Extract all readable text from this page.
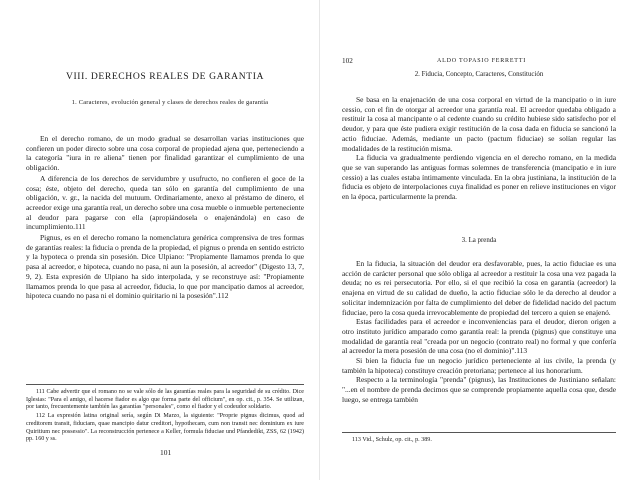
VIII. DERECHOS REALES DE GARANTIA
1. Caracteres, evolución general y clases de derechos reales de garantía

En el derecho romano, de un modo gradual se desarrollan varias instituciones que confieren un poder directo sobre una cosa corporal de propiedad ajena que, perteneciendo a la categoría "iura in re aliena" tienen por finalidad garantizar el cumplimiento de una obligación.

A diferencia de los derechos de servidumbre y usufructo, no confieren el goce de la cosa; éste, objeto del derecho, queda tan sólo en garantía del cumplimiento de una obligación, v. gr., la nacida del mutuum. Ordinariamente, anexo al préstamo de dinero, el acreedor exige una garantía real, un derecho sobre una cosa mueble o inmueble perteneciente al deudor para pagarse con ella (apropiándosela o enajenándola) en caso de incumplimiento.111

Pignus, es en el derecho romano la nomenclatura genérica comprensiva de tres formas de garantías reales: la fiducia o prenda de la propiedad, el pignus o prenda en sentido estricto y la hypoteca o prenda sin posesión. Dice Ulpiano: "Propiamente llamamos prenda lo que pasa al acreedor, e hipoteca, cuando no pasa, ni aun la posesión, al acreedor" (Digesto 13, 7, 9, 2). Esta expresión de Ulpiano ha sido interpolada, y se reconstruye así: "Propiamente llamamos prenda lo que pasa al acreedor, fiducia, lo que por mancipatio damos al acreedor, hipoteca cuando no pasa ni el dominio quiritario ni la posesión".112

111 Cabe advertir que el romano no se vale sólo de las garantías reales para la seguridad de su crédito. Dice Iglesias: "Para el amigo, el hacerse fiador es algo que forma parte del officium", en op. cit., p. 354. Se utilizan, por tanto, frecuentemente también las garantías "personales", como el fiador y el codeudor solidario.

112 La expresión latina original sería, según Di Marzo, la siguiente: "Proprie pignus dicimus, quod ad creditorem transit, fiduciam, quae mancipio datur creditori, hypothecam, cum non transit nec dominium ex iure Quiritium nec possessio". La reconstrucción pertenece a Keller, formula fiduciae und Pfandedikt, ZSS, 62 (1942) pp. 160 y ss.

101
102	ALDO TOPASIO FERRETTI
2. Fiducia, Concepto, Caracteres, Constitución

Se basa en la enajenación de una cosa corporal en virtud de la mancipatio o in iure cessio, con el fin de otorgar al acreedor una garantía real. El acreedor quedaba obligado a restituir la cosa al mancipante o al cedente cuando su crédito hubiese sido satisfecho por el deudor, y para que éste pudiera exigir restitución de la cosa dada en fiducia se sancionó la actio fiduciae. Además, mediante un pacto (pactum fiduciae) se solían regular las modalidades de la restitución misma.

La fiducia va gradualmente perdiendo vigencia en el derecho romano, en la medida que se van superando las antiguas formas solemnes de transferencia (mancipatio e in iure cessio) a las cuales estaba íntimamente vinculada. En la obra justiniana, la institución de la fiducia es objeto de interpolaciones cuya finalidad es poner en relieve instituciones en vigor en la época, particularmente la prenda.

3. La prenda

En la fiducia, la situación del deudor era desfavorable, pues, la actio fiduciae es una acción de carácter personal que sólo obliga al acreedor a restituir la cosa una vez pagada la deuda; no es rei persecutoria. Por ello, si el que recibió la cosa en garantía (acreedor) la enajena en virtud de su calidad de dueño, la actio fiduciae sólo le da derecho al deudor a solicitar indemnización por falta de cumplimiento del deber de fidelidad nacido del pactum fiduciae, pero la cosa queda irrevocablemente de propiedad del tercero a quien se enajenó.

Estas facilidades para el acreedor e inconveniencias para el deudor, dieron origen a otro instituto jurídico amparado como garantía real: la prenda (pignus) que constituye una modalidad de garantía real "creada por un negocio (contrato real) no formal y que confería al acreedor la mera posesión de una cosa (no el dominio)".113

Si bien la fiducia fue un negocio jurídico perteneciente al ius civile, la prenda (y también la hipoteca) constituye creación pretoriana; pertenece al ius honorarium.

Respecto a la terminología "prenda" (pignus), las Instituciones de Justiniano señalan: "...en el nombre de prenda decimos que se comprende propiamente aquella cosa que, desde luego, se entrega también

113 Vid., Schulz, op. cit., p. 389.
